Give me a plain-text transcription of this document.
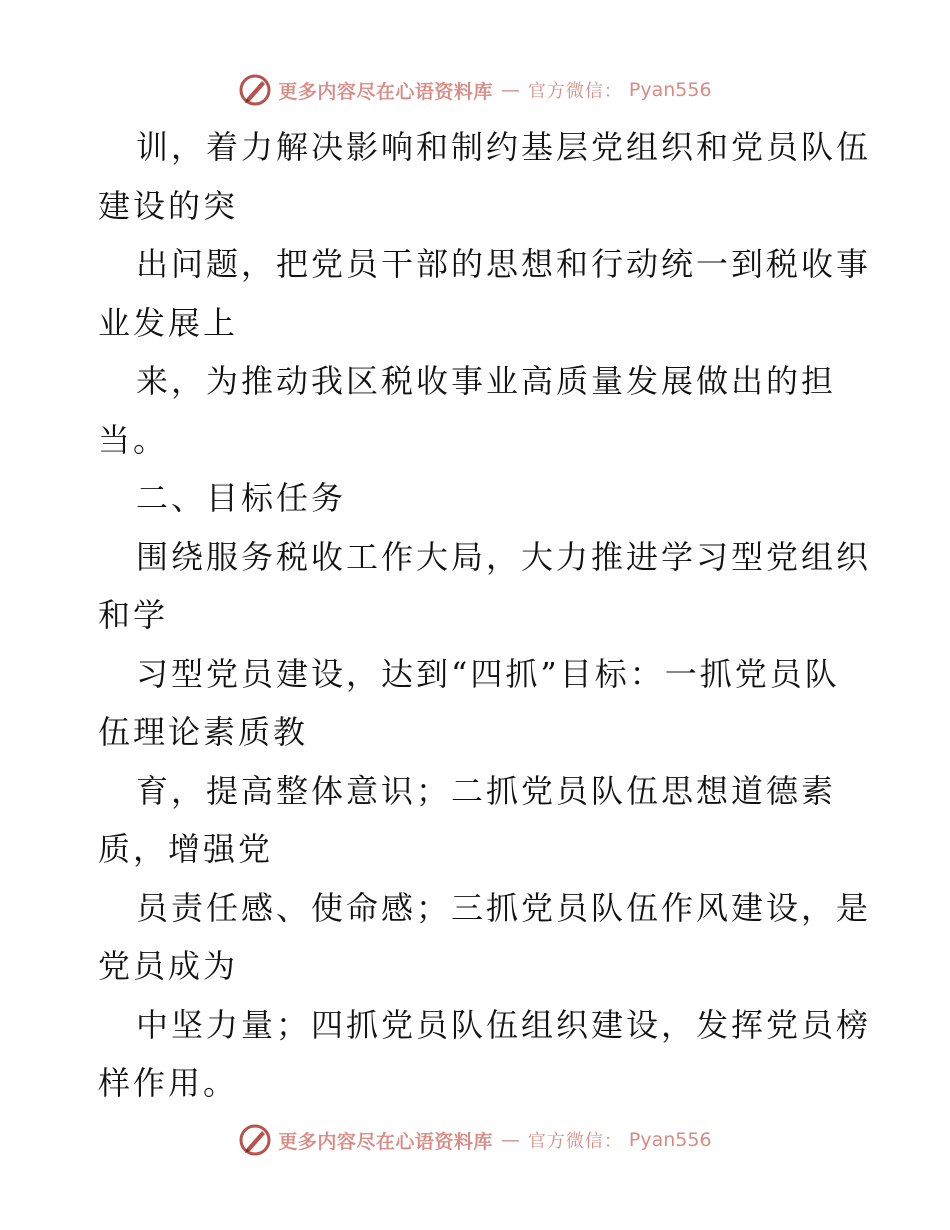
更多内容尽在心语资料库 — 官方微信： Pyan556
训，着力解决影响和制约基层党组织和党员队伍
建设的突
出问题，把党员干部的思想和行动统一到税收事
业发展上
来，为推动我区税收事业高质量发展做出的担
当。
二、目标任务
围绕服务税收工作大局，大力推进学习型党组织
和学
习型党员建设，达到“四抓”目标：一抓党员队
伍理论素质教
育，提高整体意识；二抓党员队伍思想道德素
质，增强党
员责任感、使命感；三抓党员队伍作风建设，是
党员成为
中坚力量；四抓党员队伍组织建设，发挥党员榜
样作用。
更多内容尽在心语资料库 — 官方微信： Pyan556
